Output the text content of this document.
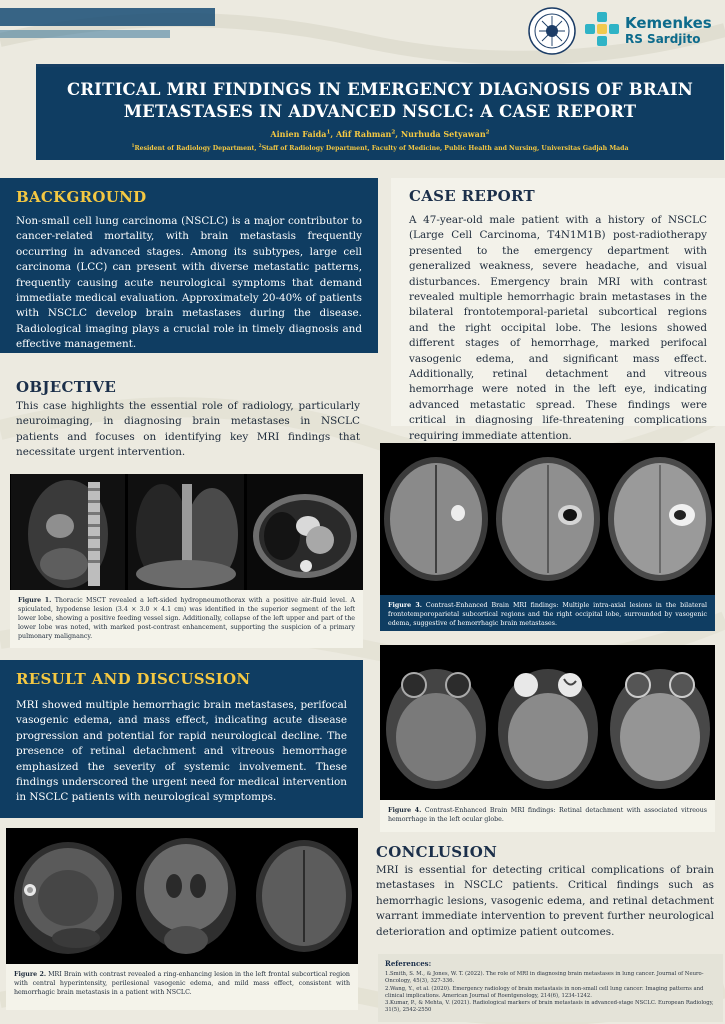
Kemenkes
RS Sardjito
CRITICAL MRI FINDINGS IN EMERGENCY DIAGNOSIS OF BRAIN METASTASES IN ADVANCED NSCLC: A CASE REPORT
Ainien Faida$^1$, Afif Rahman$^2$, Nurhuda Setyawan$^2$
$^1$Resident of Radiology Department, $^2$Staff of Radiology Department, Faculty of Medicine, Public Health and Nursing, Universitas Gadjah Mada
BACKGROUND

Non-small cell lung carcinoma (NSCLC) is a major contributor to cancer-related mortality, with brain metastasis frequently occurring in advanced stages. Among its subtypes, large cell carcinoma (LCC) can present with diverse metastatic patterns, frequently causing acute neurological symptoms that demand immediate medical evaluation. Approximately 20-40% of patients with NSCLC develop brain metastases during the disease. Radiological imaging plays a crucial role in timely diagnosis and effective management.

OBJECTIVE

This case highlights the essential role of radiology, particularly neuroimaging, in diagnosing brain metastases in NSCLC patients and focuses on identifying key MRI findings that necessitate urgent intervention.

CASE REPORT

A 47-year-old male patient with a history of NSCLC (Large Cell Carcinoma, T4N1M1B) post-radiotherapy presented to the emergency department with generalized weakness, severe headache, and visual disturbances. Emergency brain MRI with contrast revealed multiple hemorrhagic brain metastases in the bilateral frontotemporal-parietal subcortical regions and the right occipital lobe. The lesions showed different stages of hemorrhage, marked perifocal vasogenic edema, and significant mass effect. Additionally, retinal detachment and vitreous hemorrhage were noted in the left eye, indicating advanced metastatic spread. These findings were critical in diagnosing life-threatening complications requiring immediate attention.

Figure 1. Thoracic MSCT revealed a left-sided hydropneumothorax with a positive air-fluid level. A spiculated, hypodense lesion (3.4 × 3.0 × 4.1 cm) was identified in the superior segment of the left lower lobe, showing a positive feeding vessel sign. Additionally, collapse of the left upper and part of the lower lobe was noted, with marked post-contrast enhancement, supporting the suspicion of a primary pulmonary malignancy.
RESULT AND DISCUSSION

MRI showed multiple hemorrhagic brain metastases, perifocal vasogenic edema, and mass effect, indicating acute disease progression and potential for rapid neurological decline. The presence of retinal detachment and vitreous hemorrhage emphasized the severity of systemic involvement. These findings underscored the urgent need for medical intervention in NSCLC patients with neurological symptomps.

Figure 2. MRI Brain with contrast revealed a ring-enhancing lesion in the left frontal subcortical region with central hyperintensity, perilesional vasogenic edema, and mild mass effect, consistent with hemorrhagic brain metastasis in a patient with NSCLC.
Figure 3. Contrast-Enhanced Brain MRI findings: Multiple intra-axial lesions in the bilateral frontotemporoparietal subcortical regions and the right occipital lobe, surrounded by vasogenic edema, suggestive of hemorrhagic brain metastases.
Figure 4. Contrast-Enhanced Brain MRI findings: Retinal detachment with associated vitreous hemorrhage in the left ocular globe.
CONCLUSION

MRI is essential for detecting critical complications of brain metastases in NSCLC patients. Critical findings such as hemorrhagic lesions, vasogenic edema, and retinal detachment warrant immediate intervention to prevent further neurological deterioration and optimize patient outcomes.

References:
1.Smith, S. M., & Jones, W. T. (2022). The role of MRI in diagnosing brain metastases in lung cancer. Journal of Neuro-Oncology, 45(3), 327-336.
2.Wang, Y., et al. (2020). Emergency radiology of brain metastasis in non-small cell lung cancer: Imaging patterns and clinical implications. American Journal of Roentgenology, 214(6), 1234-1242.
3.Kumar, P., & Mehta, V. (2021). Radiological markers of brain metastasis in advanced-stage NSCLC. European Radiology, 31(5), 2542-2550
